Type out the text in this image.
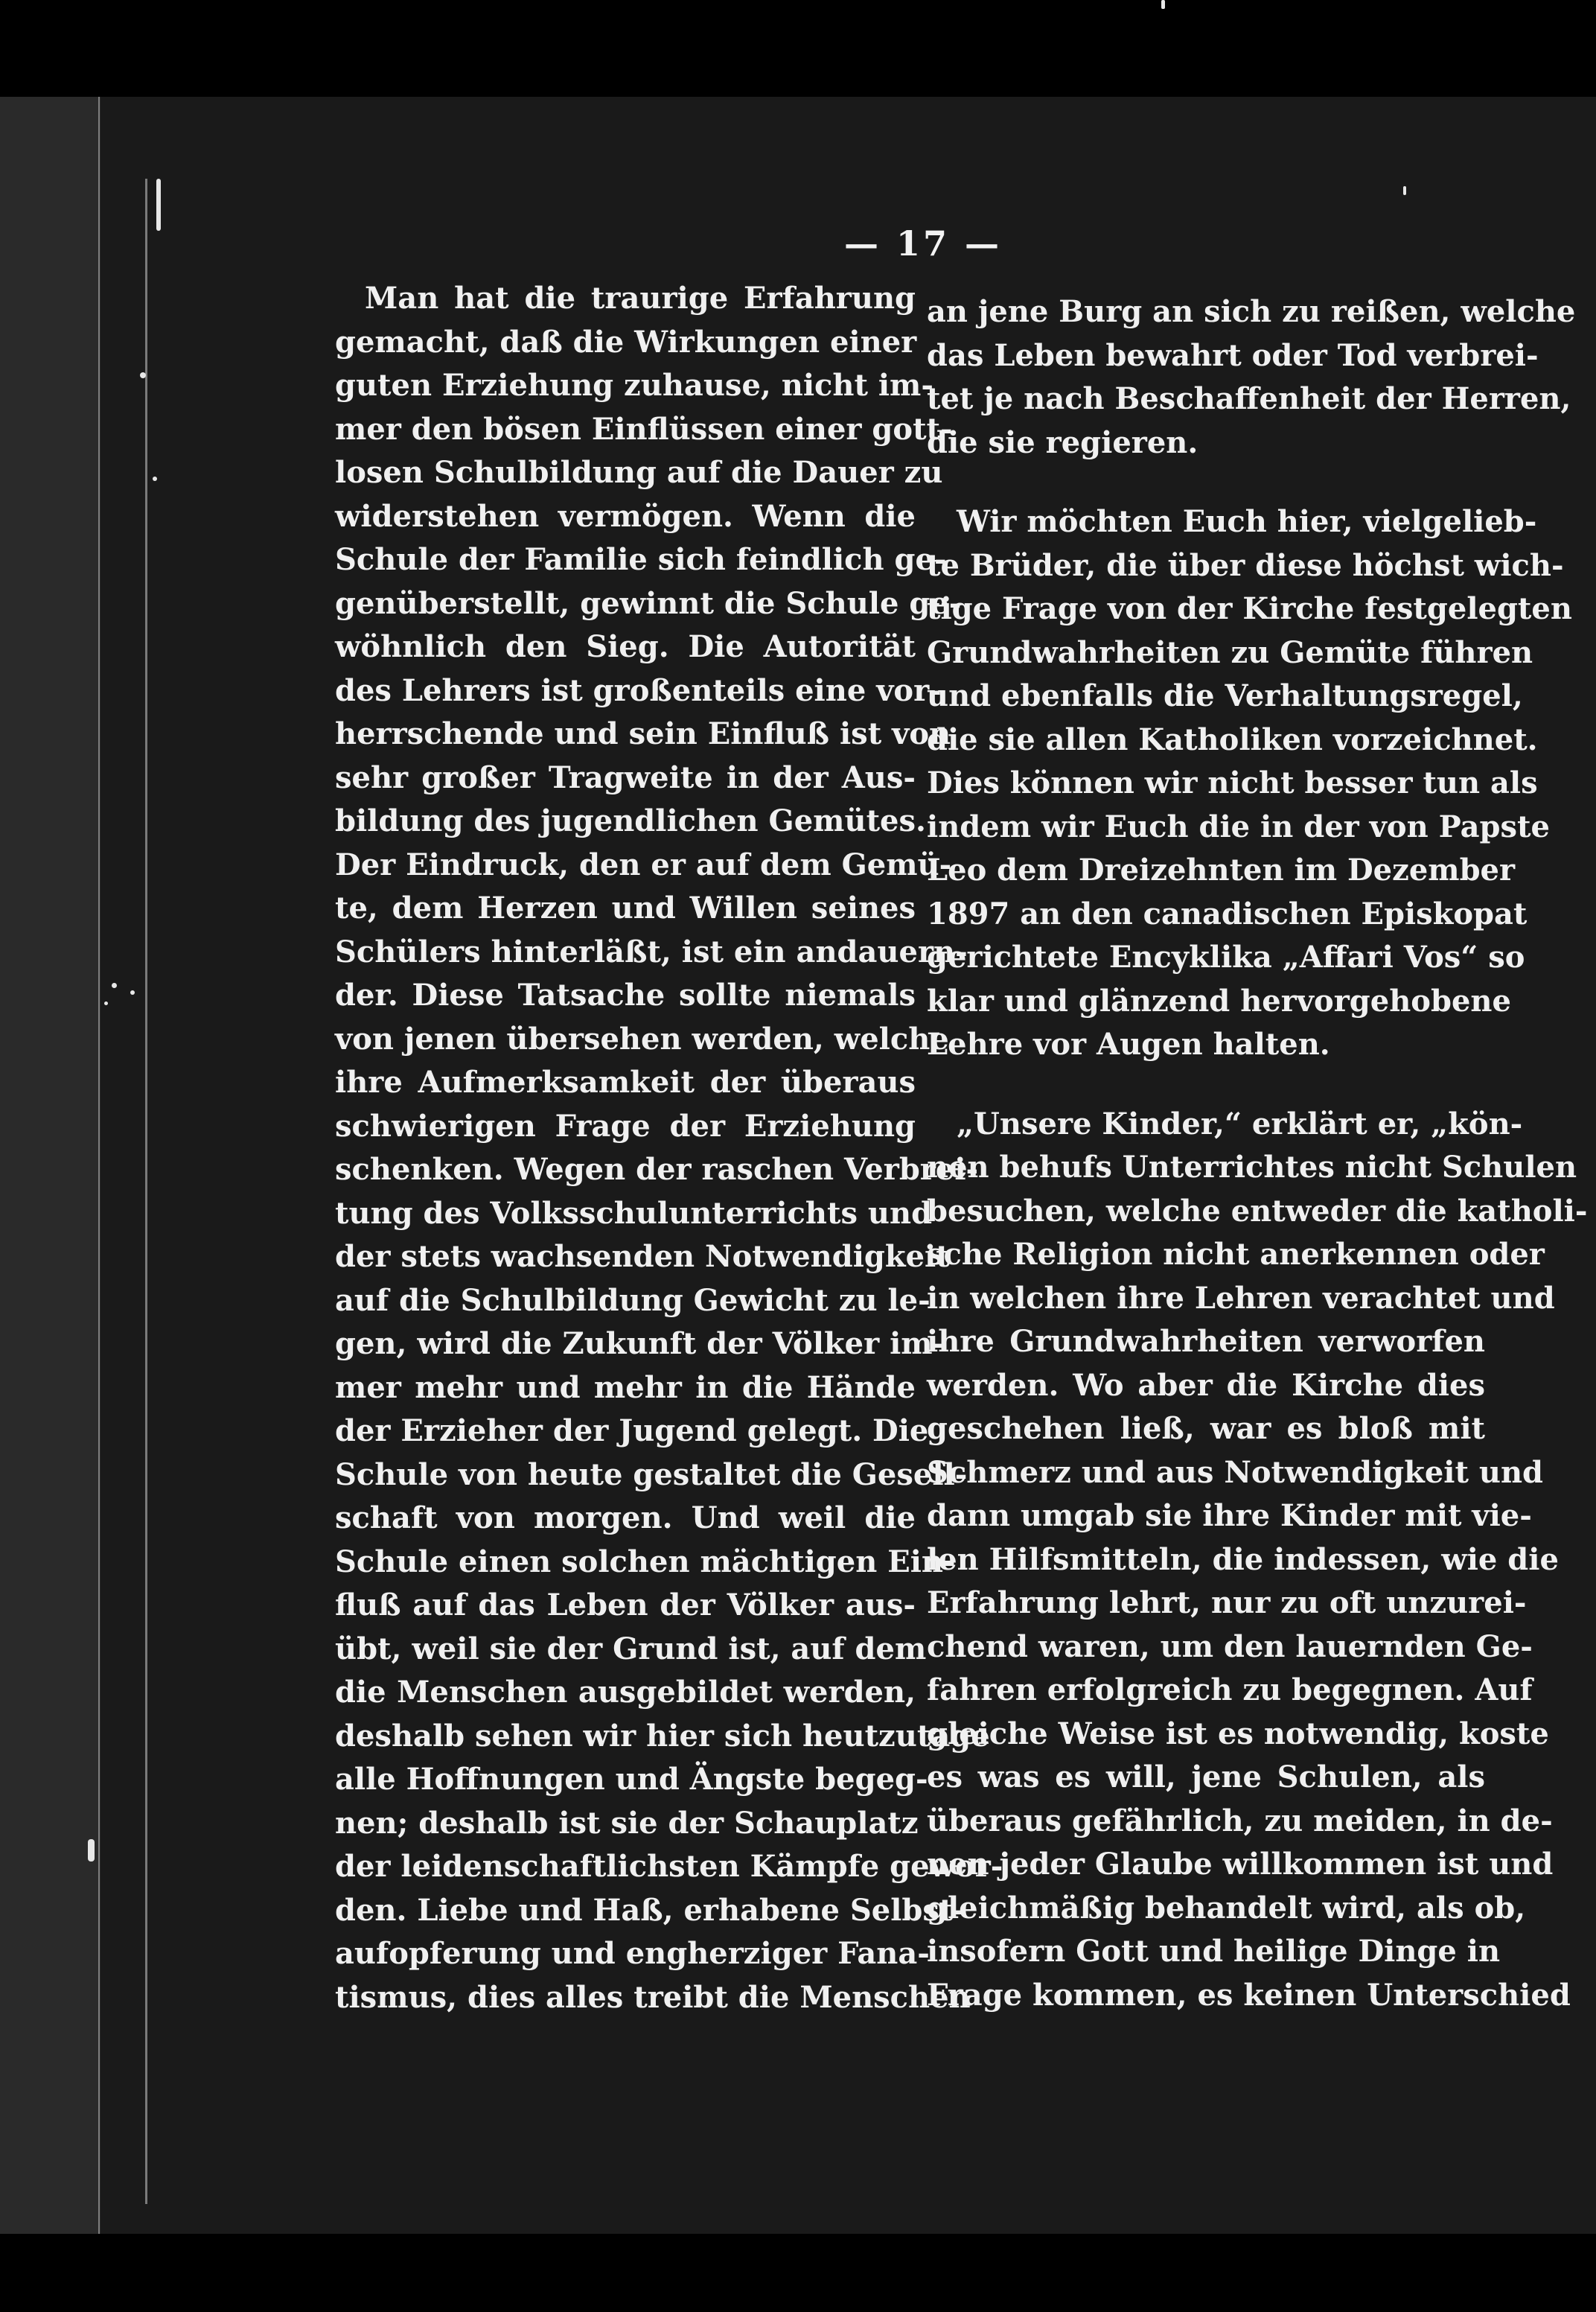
— 17 —
Man hat die traurige Erfahrung
gemacht, daß die Wirkungen einer
guten Erziehung zuhause, nicht im-
mer den bösen Einflüssen einer gott-
losen Schulbildung auf die Dauer zu
widerstehen vermögen. Wenn die
Schule der Familie sich feindlich ge-
genüberstellt, gewinnt die Schule ge-
wöhnlich den Sieg. Die Autorität
des Lehrers ist großenteils eine vor-
herrschende und sein Einfluß ist von
sehr großer Tragweite in der Aus-
bildung des jugendlichen Gemütes.
Der Eindruck, den er auf dem Gemü-
te, dem Herzen und Willen seines
Schülers hinterläßt, ist ein andauern-
der. Diese Tatsache sollte niemals
von jenen übersehen werden, welche
ihre Aufmerksamkeit der überaus
schwierigen Frage der Erziehung
schenken. Wegen der raschen Verbrei-
tung des Volksschulunterrichts und
der stets wachsenden Notwendigkeit
auf die Schulbildung Gewicht zu le-
gen, wird die Zukunft der Völker im-
mer mehr und mehr in die Hände
der Erzieher der Jugend gelegt. Die
Schule von heute gestaltet die Gesell-
schaft von morgen. Und weil die
Schule einen solchen mächtigen Ein-
fluß auf das Leben der Völker aus-
übt, weil sie der Grund ist, auf dem
die Menschen ausgebildet werden,
deshalb sehen wir hier sich heutzutage
alle Hoffnungen und Ängste begeg-
nen; deshalb ist sie der Schauplatz
der leidenschaftlichsten Kämpfe gewor-
den. Liebe und Haß, erhabene Selbst-
aufopferung und engherziger Fana-
tismus, dies alles treibt die Menschen
an jene Burg an sich zu reißen, welche
das Leben bewahrt oder Tod verbrei-
tet je nach Beschaffenheit der Herren,
die sie regieren.
Wir möchten Euch hier, vielgelieb-
te Brüder, die über diese höchst wich-
tige Frage von der Kirche festgelegten
Grundwahrheiten zu Gemüte führen
und ebenfalls die Verhaltungsregel,
die sie allen Katholiken vorzeichnet.
Dies können wir nicht besser tun als
indem wir Euch die in der von Papste
Leo dem Dreizehnten im Dezember
1897 an den canadischen Episkopat
gerichtete Encyklika „Affari Vos“ so
klar und glänzend hervorgehobene
Lehre vor Augen halten.
„Unsere Kinder,“ erklärt er, „kön-
nen behufs Unterrichtes nicht Schulen
besuchen, welche entweder die katholi-
sche Religion nicht anerkennen oder
in welchen ihre Lehren verachtet und
ihre Grundwahrheiten verworfen
werden. Wo aber die Kirche dies
geschehen ließ, war es bloß mit
Schmerz und aus Notwendigkeit und
dann umgab sie ihre Kinder mit vie-
len Hilfsmitteln, die indessen, wie die
Erfahrung lehrt, nur zu oft unzurei-
chend waren, um den lauernden Ge-
fahren erfolgreich zu begegnen. Auf
gleiche Weise ist es notwendig, koste
es was es will, jene Schulen, als
überaus gefährlich, zu meiden, in de-
nen jeder Glaube willkommen ist und
gleichmäßig behandelt wird, als ob,
insofern Gott und heilige Dinge in
Frage kommen, es keinen Unterschied
